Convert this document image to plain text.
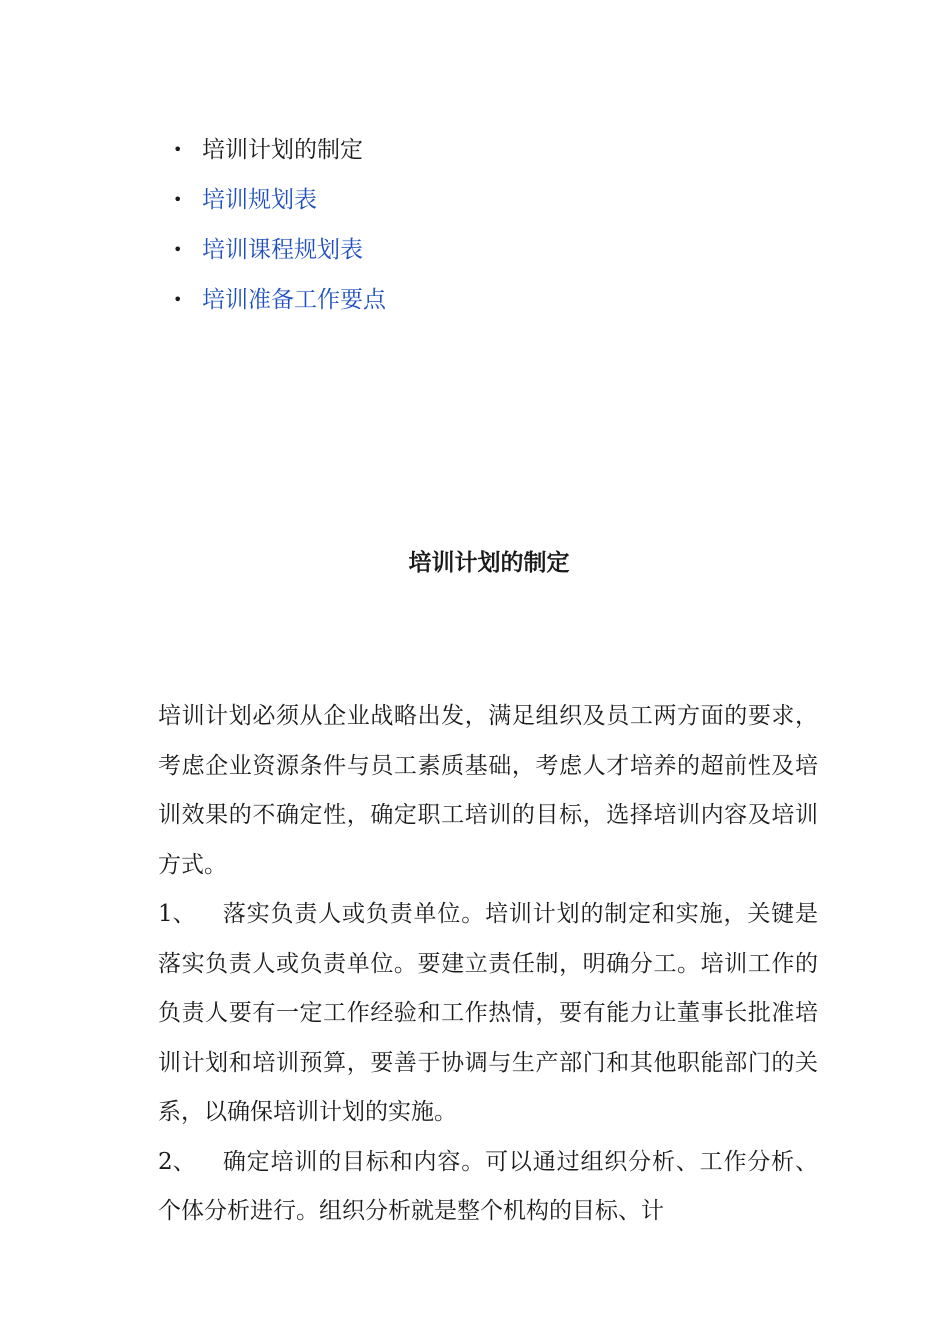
• 培训计划的制定
• 培训规划表
• 培训课程规划表
• 培训准备工作要点
培训计划的制定

培训计划必须从企业战略出发，满足组织及员工两方面的要求，考虑企业资源条件与员工素质基础，考虑人才培养的超前性及培训效果的不确定性，确定职工培训的目标，选择培训内容及培训方式。

1、 落实负责人或负责单位。培训计划的制定和实施，关键是落实负责人或负责单位。要建立责任制，明确分工。培训工作的负责人要有一定工作经验和工作热情，要有能力让董事长批准培训计划和培训预算，要善于协调与生产部门和其他职能部门的关系，以确保培训计划的实施。

2、 确定培训的目标和内容。可以通过组织分析、工作分析、个体分析进行。组织分析就是整个机构的目标、计
